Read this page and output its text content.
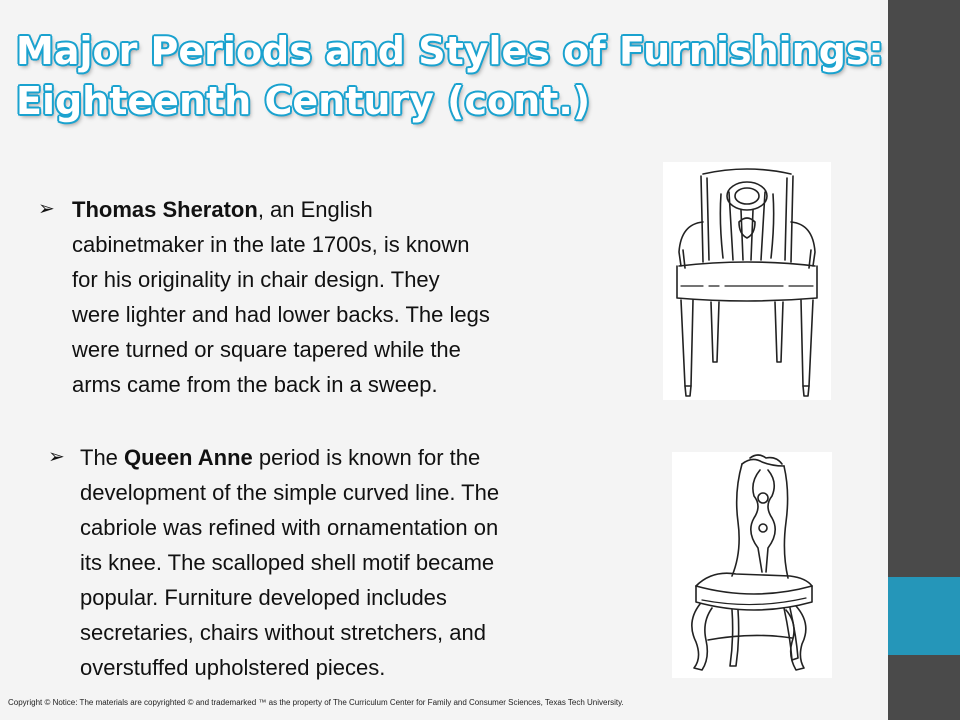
Major Periods and Styles of Furnishings:
Eighteenth Century (cont.)
➢ Thomas Sheraton, an English
cabinetmaker in the late 1700s, is known
for his originality in chair design. They
were lighter and had lower backs. The legs
were turned or square tapered while the
arms came from the back in a sweep.
➢ The Queen Anne period is known for the
development of the simple curved line. The
cabriole was refined with ornamentation on
its knee. The scalloped shell motif became
popular. Furniture developed includes
secretaries, chairs without stretchers, and
overstuffed upholstered pieces.
Copyright © Notice: The materials are copyrighted © and trademarked ™ as the property of The Curriculum Center for Family and Consumer Sciences, Texas Tech University.
